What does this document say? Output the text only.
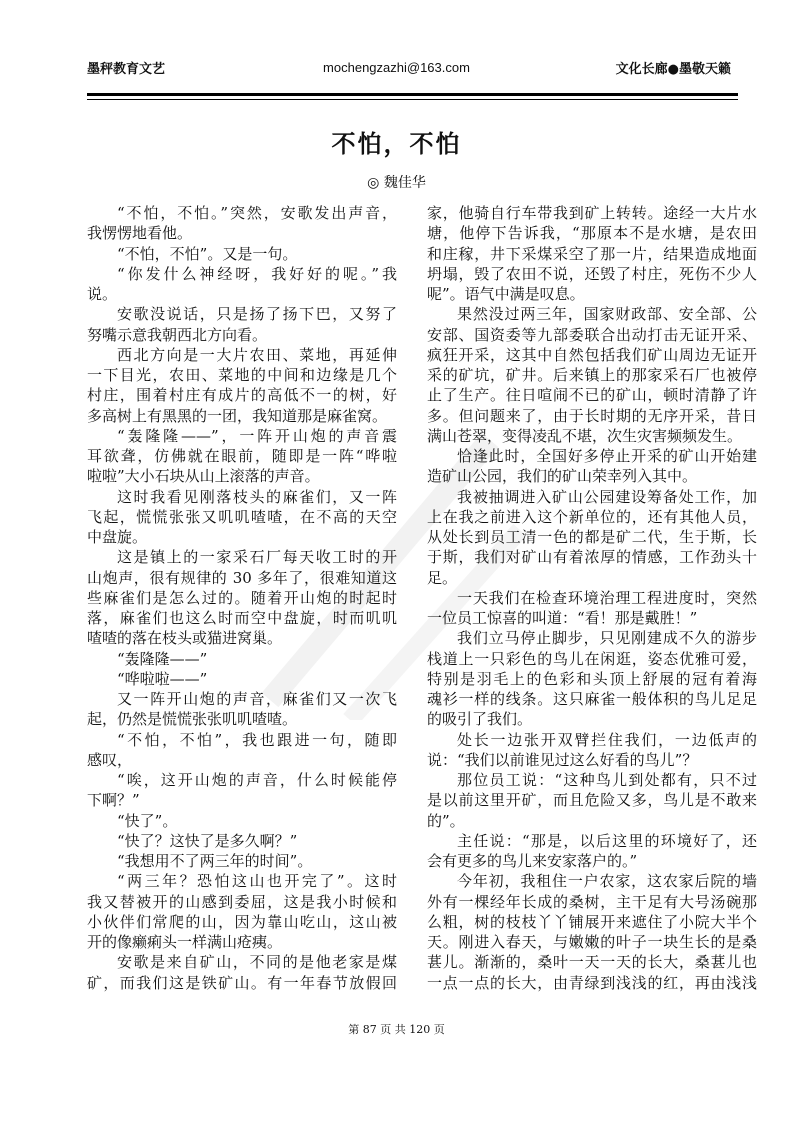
墨秤教育文艺	mochengzazhi@163.com	文化长廊●墨敬天籁
不怕，不怕
◎ 魏佳华
“不怕，不怕。”突然，安歌发出声音，
我愣愣地看他。
“不怕，不怕”。又是一句。
“你发什么神经呀，我好好的呢。”我
说。
安歌没说话，只是扬了扬下巴，又努了
努嘴示意我朝西北方向看。
西北方向是一大片农田、菜地，再延伸
一下目光，农田、菜地的中间和边缘是几个
村庄，围着村庄有成片的高低不一的树，好
多高树上有黑黑的一团，我知道那是麻雀窝。
“轰隆隆——”，一阵开山炮的声音震
耳欲聋，仿佛就在眼前，随即是一阵“哗啦
啦啦”大小石块从山上滚落的声音。
这时我看见刚落枝头的麻雀们，又一阵
飞起，慌慌张张又叽叽喳喳，在不高的天空
中盘旋。
这是镇上的一家采石厂每天收工时的开
山炮声，很有规律的 30 多年了，很难知道这
些麻雀们是怎么过的。随着开山炮的时起时
落，麻雀们也这么时而空中盘旋，时而叽叽
喳喳的落在枝头或猫进窝巢。
“轰隆隆——”
“哗啦啦——”
又一阵开山炮的声音，麻雀们又一次飞
起，仍然是慌慌张张叽叽喳喳。
“不怕，不怕”，我也跟进一句，随即
感叹，
“唉，这开山炮的声音，什么时候能停
下啊？”
“快了”。
“快了？这快了是多久啊？”
“我想用不了两三年的时间”。
“两三年？恐怕这山也开完了”。这时
我又替被开的山感到委屈，这是我小时候和
小伙伴们常爬的山，因为靠山吃山，这山被
开的像癞痢头一样满山疮痍。
安歌是来自矿山，不同的是他老家是煤
矿，而我们这是铁矿山。有一年春节放假回
家，他骑自行车带我到矿上转转。途经一大片水
塘，他停下告诉我，“那原本不是水塘，是农田
和庄稼，井下采煤采空了那一片，结果造成地面
坍塌，毁了农田不说，还毁了村庄，死伤不少人
呢”。语气中满是叹息。
果然没过两三年，国家财政部、安全部、公
安部、国资委等九部委联合出动打击无证开采、
疯狂开采，这其中自然包括我们矿山周边无证开
采的矿坑，矿井。后来镇上的那家采石厂也被停
止了生产。往日喧闹不已的矿山，顿时清静了许
多。但问题来了，由于长时期的无序开采，昔日
满山苍翠，变得凌乱不堪，次生灾害频频发生。
恰逢此时，全国好多停止开采的矿山开始建
造矿山公园，我们的矿山荣幸列入其中。
我被抽调进入矿山公园建设筹备处工作，加
上在我之前进入这个新单位的，还有其他人员，
从处长到员工清一色的都是矿二代，生于斯，长
于斯，我们对矿山有着浓厚的情感，工作劲头十
足。
一天我们在检查环境治理工程进度时，突然
一位员工惊喜的叫道：“看！那是戴胜！”
我们立马停止脚步，只见刚建成不久的游步
栈道上一只彩色的鸟儿在闲逛，姿态优雅可爱，
特别是羽毛上的色彩和头顶上舒展的冠有着海
魂衫一样的线条。这只麻雀一般体积的鸟儿足足
的吸引了我们。
处长一边张开双臂拦住我们，一边低声的
说：“我们以前谁见过这么好看的鸟儿”？
那位员工说：“这种鸟儿到处都有，只不过
是以前这里开矿，而且危险又多，鸟儿是不敢来
的”。
主任说：“那是，以后这里的环境好了，还
会有更多的鸟儿来安家落户的。”
今年初，我租住一户农家，这农家后院的墙
外有一棵经年长成的桑树，主干足有大号汤碗那
么粗，树的枝枝丫丫铺展开来遮住了小院大半个
天。刚进入春天，与嫩嫩的叶子一块生长的是桑
葚儿。渐渐的，桑叶一天一天的长大，桑葚儿也
一点一点的长大，由青绿到浅浅的红，再由浅浅
第 87 页 共 120 页
